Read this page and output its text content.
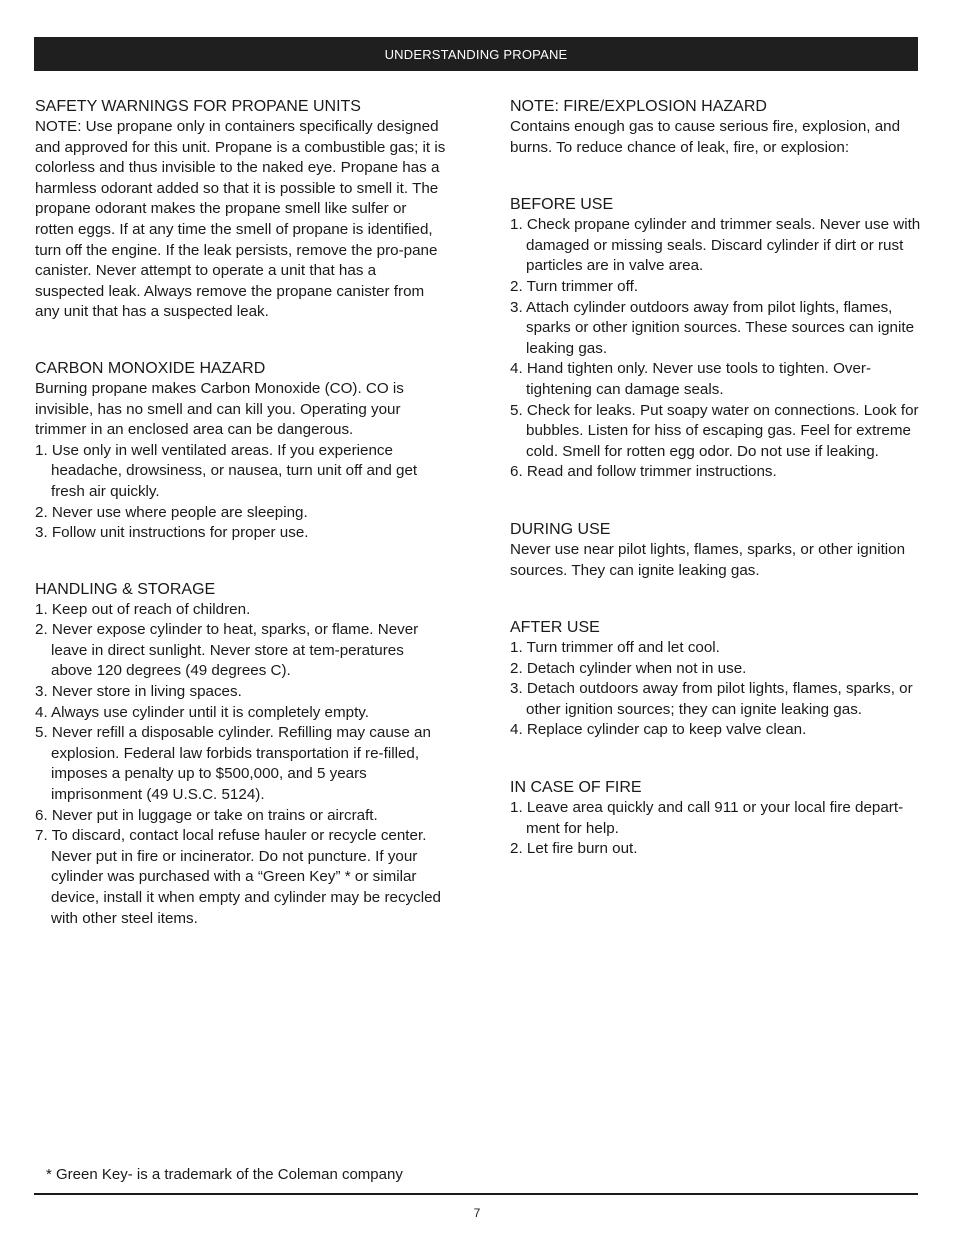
UNDERSTANDING PROPANE
SAFETY WARNINGS FOR PROPANE UNITS

NOTE: Use propane only in containers specifically designed and approved for this unit. Propane is a combustible gas; it is colorless and thus invisible to the naked eye. Propane has a harmless odorant added so that it is possible to smell it. The propane odorant makes the propane smell like sulfer or rotten eggs. If at any time the smell of propane is identified, turn off the engine. If the leak persists, remove the pro-pane canister. Never attempt to operate a unit that has a suspected leak. Always remove the propane canister from any unit that has a suspected leak.

CARBON MONOXIDE HAZARD

Burning propane makes Carbon Monoxide (CO). CO is invisible, has no smell and can kill you. Operating your trimmer in an enclosed area can be dangerous.

1. Use only in well ventilated areas. If you experience headache, drowsiness, or nausea, turn unit off and get fresh air quickly.
2. Never use where people are sleeping.
3. Follow unit instructions for proper use.
HANDLING & STORAGE
1. Keep out of reach of children.
2. Never expose cylinder to heat, sparks, or flame. Never leave in direct sunlight. Never store at tem-peratures above 120 degrees (49 degrees C).
3. Never store in living spaces.
4. Always use cylinder until it is completely empty.
5. Never refill a disposable cylinder. Refilling may cause an explosion. Federal law forbids transportation if re-filled, imposes a penalty up to $500,000, and 5 years imprisonment (49 U.S.C. 5124).
6. Never put in luggage or take on trains or aircraft.
7. To discard, contact local refuse hauler or recycle center. Never put in fire or incinerator. Do not puncture. If your cylinder was purchased with a “Green Key” * or similar device, install it when empty and cylinder may be recycled with other steel items.
NOTE: FIRE/EXPLOSION HAZARD

Contains enough gas to cause serious fire, explosion, and burns. To reduce chance of leak, fire, or explosion:

BEFORE USE
1. Check propane cylinder and trimmer seals. Never use with damaged or missing seals. Discard cylinder if dirt or rust particles are in valve area.
2. Turn trimmer off.
3. Attach cylinder outdoors away from pilot lights, flames, sparks or other ignition sources. These sources can ignite leaking gas.
4. Hand tighten only. Never use tools to tighten. Over-tightening can damage seals.
5. Check for leaks. Put soapy water on connections. Look for bubbles. Listen for hiss of escaping gas. Feel for extreme cold. Smell for rotten egg odor. Do not use if leaking.
6. Read and follow trimmer instructions.
DURING USE

Never use near pilot lights, flames, sparks, or other ignition sources. They can ignite leaking gas.

AFTER USE
1. Turn trimmer off and let cool.
2. Detach cylinder when not in use.
3. Detach outdoors away from pilot lights, flames, sparks, or other ignition sources; they can ignite leaking gas.
4. Replace cylinder cap to keep valve clean.
IN CASE OF FIRE
1. Leave area quickly and call 911 or your local fire depart-ment for help.
2. Let fire burn out.
* Green Key- is a trademark of the Coleman company
7
